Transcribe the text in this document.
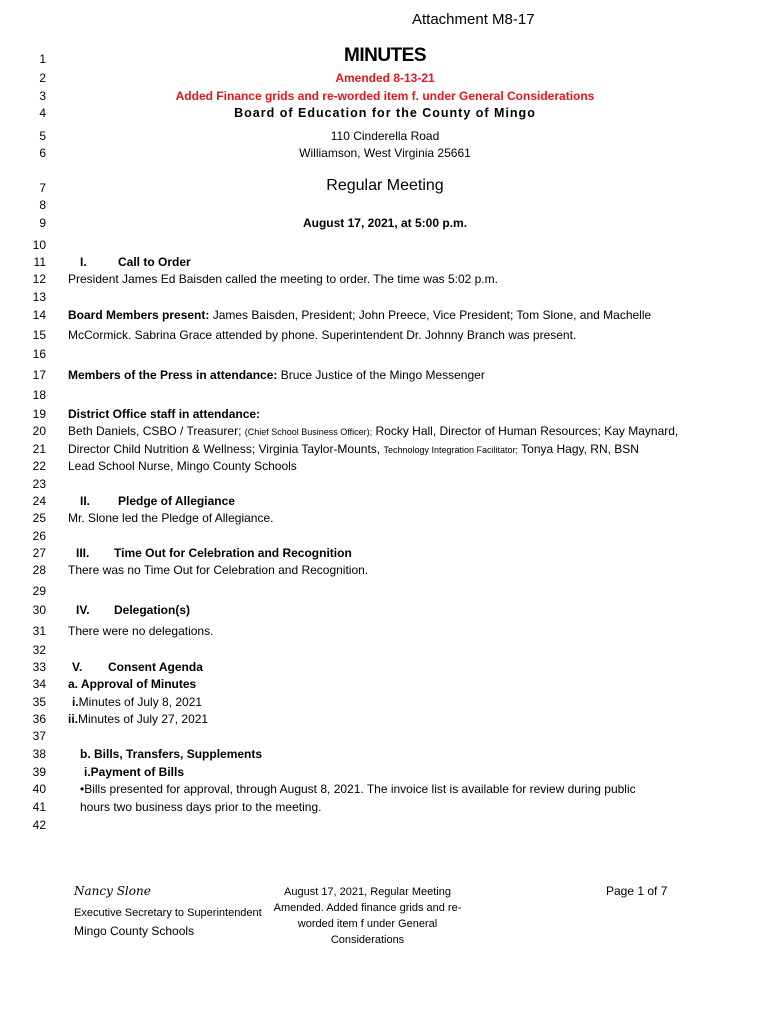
Attachment M8-17
1
2
3
4
5
6
7
8
9
10
11
12
13
14
15
16
17
18
19
20
21
22
23
24
25
26
27
28
29
30
31
32
33
34
35
36
37
38
39
40
41
42
MINUTES
Amended 8-13-21
Added Finance grids and re-worded item f. under General Considerations
Board of Education for the County of Mingo
110 Cinderella Road
Williamson, West Virginia 25661
Regular Meeting
August 17, 2021, at 5:00 p.m.
I.	Call to Order
President James Ed Baisden called the meeting to order. The time was 5:02 p.m.
Board Members present: James Baisden, President; John Preece, Vice President; Tom Slone, and Machelle
McCormick. Sabrina Grace attended by phone. Superintendent Dr. Johnny Branch was present.
Members of the Press in attendance: Bruce Justice of the Mingo Messenger
District Office staff in attendance:
Beth Daniels, CSBO / Treasurer; (Chief School Business Officer); Rocky Hall, Director of Human Resources; Kay Maynard,
Director Child Nutrition & Wellness; Virginia Taylor-Mounts, Technology Integration Facilitator; Tonya Hagy, RN, BSN
Lead School Nurse, Mingo County Schools
II. Pledge of Allegiance
Mr. Slone led the Pledge of Allegiance.
III. Time Out for Celebration and Recognition
There was no Time Out for Celebration and Recognition.
IV. Delegation(s)
There were no delegations.
V. Consent Agenda
a. Approval of Minutes
i.Minutes of July 8, 2021
ii.Minutes of July 27, 2021
b. Bills, Transfers, Supplements
i.Payment of Bills
•Bills presented for approval, through August 8, 2021. The invoice list is available for review during public
hours two business days prior to the meeting.
Nancy Slone
Executive Secretary to Superintendent
Mingo County Schools
August 17, 2021, Regular Meeting Amended. Added finance grids and re-worded item f under General Considerations
Page 1 of 7
